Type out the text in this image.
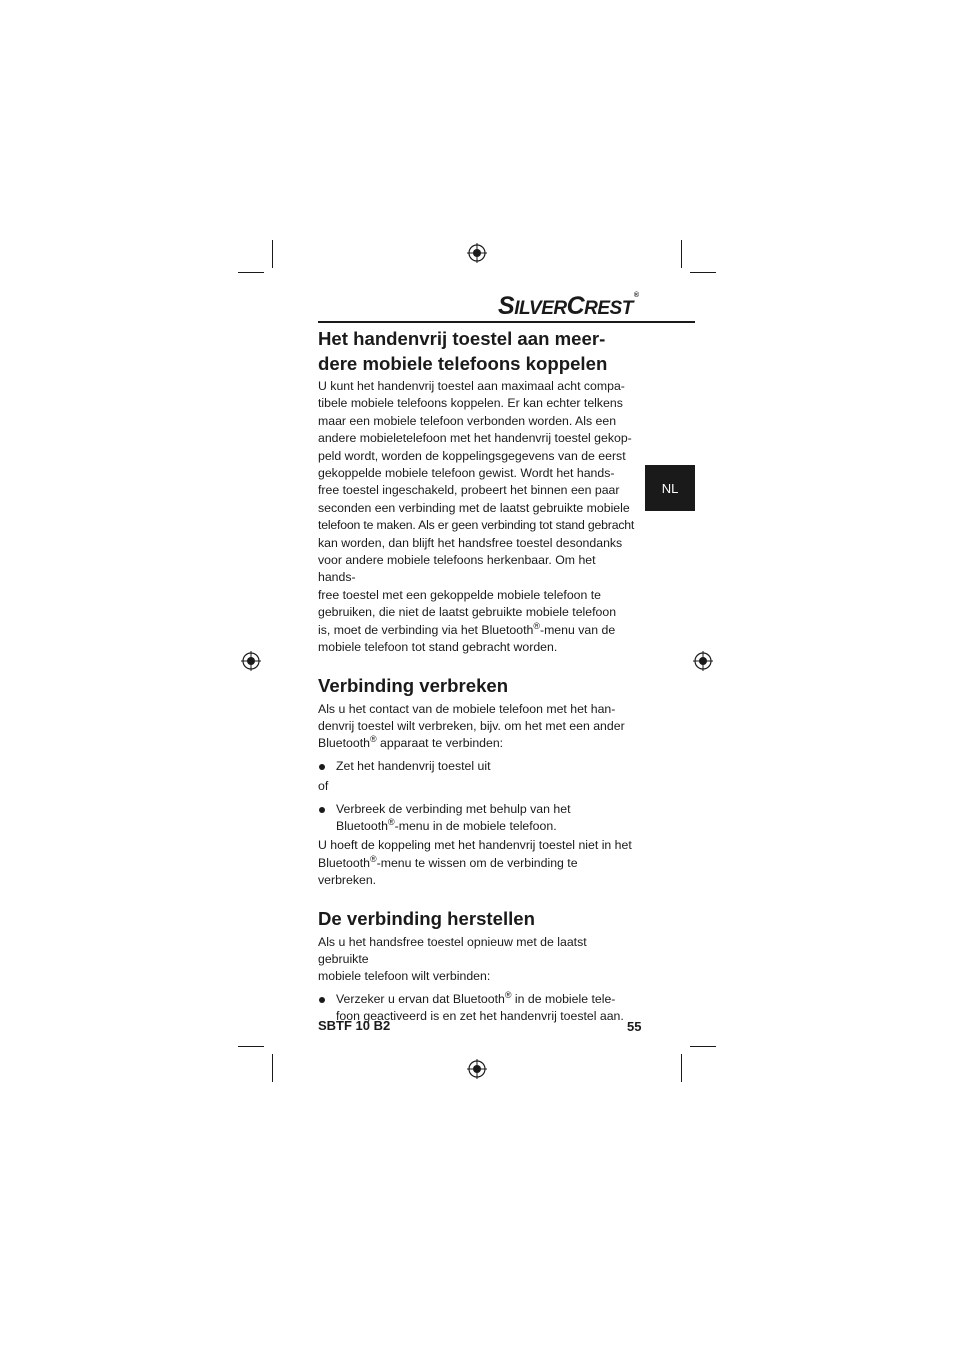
SILVERCREST®
NL
Het handenvrij toestel aan meer-
dere mobiele telefoons koppelen

U kunt het handenvrij toestel aan maximaal acht compa-
tibele mobiele telefoons koppelen. Er kan echter telkens
maar een mobiele telefoon verbonden worden. Als een
andere mobieletelefoon met het handenvrij toestel gekop-
peld wordt, worden de koppelingsgegevens van de eerst
gekoppelde mobiele telefoon gewist. Wordt het hands-
free toestel ingeschakeld, probeert het binnen een paar
seconden een verbinding met de laatst gebruikte mobiele
telefoon te maken. Als er geen verbinding tot stand gebracht
kan worden, dan blijft het handsfree toestel desondanks
voor andere mobiele telefoons herkenbaar. Om het hands-
free toestel met een gekoppelde mobiele telefoon te
gebruiken, die niet de laatst gebruikte mobiele telefoon
is, moet de verbinding via het Bluetooth®-menu van de
mobiele telefoon tot stand gebracht worden.

Verbinding verbreken

Als u het contact van de mobiele telefoon met het han-
denvrij toestel wilt verbreken, bijv. om het met een ander
Bluetooth® apparaat te verbinden:

Zet het handenvrij toestel uit

of

Verbreek de verbinding met behulp van het
Bluetooth®-menu in de mobiele telefoon.

U hoeft de koppeling met het handenvrij toestel niet in het
Bluetooth®-menu te wissen om de verbinding te verbreken.

De verbinding herstellen

Als u het handsfree toestel opnieuw met de laatst gebruikte
mobiele telefoon wilt verbinden:

Verzeker u ervan dat Bluetooth® in de mobiele tele-
foon geactiveerd is en zet het handenvrij toestel aan.
SBTF 10 B2	55
